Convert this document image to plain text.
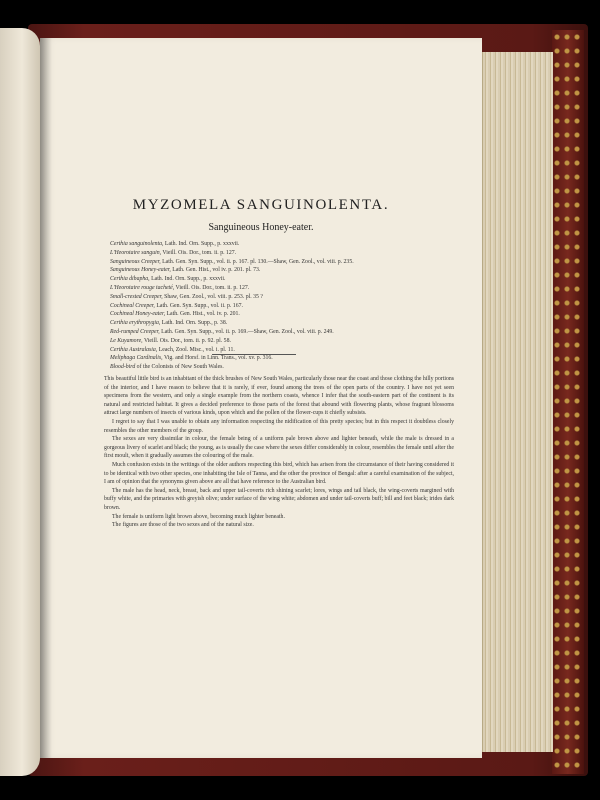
MYZOMELA SANGUINOLENTA.
Sanguineous Honey-eater.
Certhia sanguinolenta, Lath. Ind. Orn. Supp., p. xxxvii.
L'Heorotaire sanguin, Vieill. Ois. Dor., tom. ii. p. 127.
Sanguineous Creeper, Lath. Gen. Syn. Supp., vol. ii. p. 167. pl. 130.—Shaw, Gen. Zool., vol. viii. p. 235.
Sanguineous Honey-eater, Lath. Gen. Hist., vol iv. p. 201. pl. 73.
Certhia dibapha, Lath. Ind. Orn. Supp., p. xxxvii.
L'Heorotaire rouge tacheté, Vieill. Ois. Dor., tom. ii. p. 127.
Small-crested Creeper, Shaw, Gen. Zool., vol. viii. p. 253. pl. 35 ?
Cochineal Creeper, Lath. Gen. Syn. Supp., vol. ii. p. 167.
Cochineal Honey-eater, Lath. Gen. Hist., vol. iv. p. 201.
Certhia erythropygia, Lath. Ind. Orn. Supp., p. 38.
Red-rumped Creeper, Lath. Gen. Syn. Supp., vol. ii. p. 169.—Shaw, Gen. Zool., vol. viii. p. 249.
Le Kuyamore, Vieill. Ois. Dor., tom. ii. p. 92. pl. 58.
Certhia Australasia, Leach, Zool. Misc., vol. i. pl. 11.
Meliphaga Cardinalis, Vig. and Horsf. in Linn. Trans., vol. xv. p. 316.
Blood-bird of the Colonists of New South Wales.

This beautiful little bird is an inhabitant of the thick brushes of New South Wales, particularly those near the coast and those clothing the hilly portions of the interior, and I have reason to believe that it is rarely, if ever, found among the trees of the open parts of the country. I have not yet seen specimens from the western, and only a single example from the northern coasts, whence I infer that the south-eastern part of the continent is its natural and restricted habitat. It gives a decided preference to those parts of the forest that abound with flowering plants, whose fragrant blossoms attract large numbers of insects of various kinds, upon which and the pollen of the flower-cups it chiefly subsists.

I regret to say that I was unable to obtain any information respecting the nidification of this pretty species; but in this respect it doubtless closely resembles the other members of the group.

The sexes are very dissimilar in colour, the female being of a uniform pale brown above and lighter beneath, while the male is dressed in a gorgeous livery of scarlet and black; the young, as is usually the case where the sexes differ considerably in colour, resembles the female until after the first moult, when it gradually assumes the colouring of the male.

Much confusion exists in the writings of the older authors respecting this bird, which has arisen from the circumstance of their having considered it to be identical with two other species, one inhabiting the Isle of Tanna, and the other the province of Bengal: after a careful examination of the subject, I am of opinion that the synonyms given above are all that have reference to the Australian bird.

The male has the head, neck, breast, back and upper tail-coverts rich shining scarlet; lores, wings and tail black, the wing-coverts margined with buffy white, and the primaries with greyish olive; under surface of the wing white; abdomen and under tail-coverts buff; bill and feet black; irides dark brown.

The female is uniform light brown above, becoming much lighter beneath.

The figures are those of the two sexes and of the natural size.
